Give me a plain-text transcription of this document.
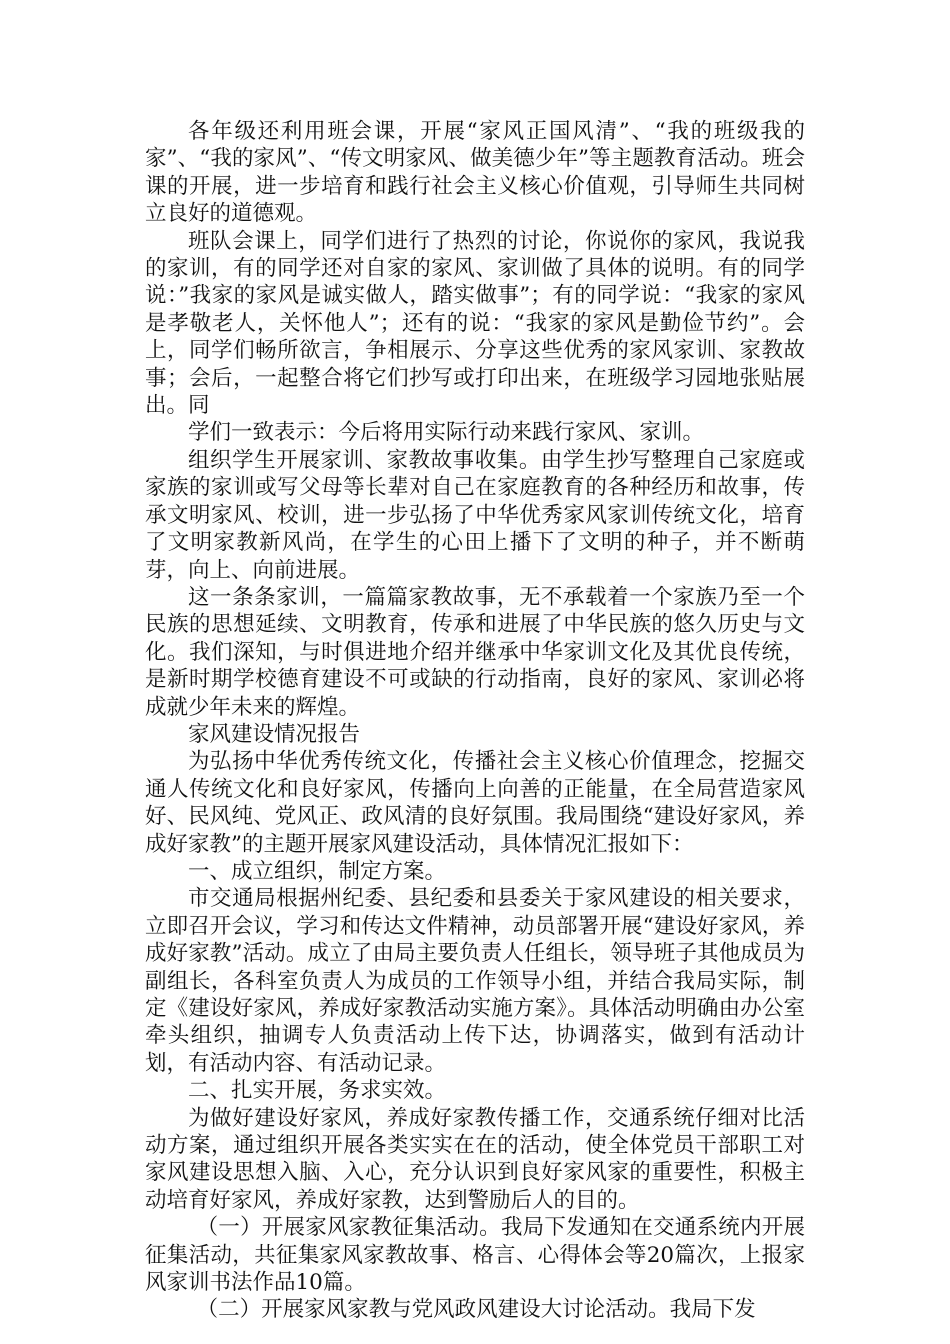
各年级还利用班会课，开展“家风正国风清”、“我的班级我的家”、“我的家风”、“传文明家风、做美德少年”等主题教育活动。班会课的开展，进一步培育和践行社会主义核心价值观，引导师生共同树立良好的道德观。

班队会课上，同学们进行了热烈的讨论，你说你的家风，我说我的家训，有的同学还对自家的家风、家训做了具体的说明。有的同学说：”我家的家风是诚实做人，踏实做事”；有的同学说：“我家的家风是孝敬老人，关怀他人”；还有的说：“我家的家风是勤俭节约”。会上，同学们畅所欲言，争相展示、分享这些优秀的家风家训、家教故事；会后，一起整合将它们抄写或打印出来，在班级学习园地张贴展出。同

学们一致表示：今后将用实际行动来践行家风、家训。

组织学生开展家训、家教故事收集。由学生抄写整理自己家庭或家族的家训或写父母等长辈对自己在家庭教育的各种经历和故事，传承文明家风、校训，进一步弘扬了中华优秀家风家训传统文化，培育了文明家教新风尚，在学生的心田上播下了文明的种子，并不断萌芽，向上、向前进展。

这一条条家训，一篇篇家教故事，无不承载着一个家族乃至一个民族的思想延续、文明教育，传承和进展了中华民族的悠久历史与文化。我们深知，与时俱进地介绍并继承中华家训文化及其优良传统，是新时期学校德育建设不可或缺的行动指南，良好的家风、家训必将成就少年未来的辉煌。

家风建设情况报告

为弘扬中华优秀传统文化，传播社会主义核心价值理念，挖掘交通人传统文化和良好家风，传播向上向善的正能量，在全局营造家风好、民风纯、党风正、政风清的良好氛围。我局围绕“建设好家风，养成好家教”的主题开展家风建设活动，具体情况汇报如下：

一、成立组织，制定方案。

市交通局根据州纪委、县纪委和县委关于家风建设的相关要求，立即召开会议，学习和传达文件精神，动员部署开展“建设好家风，养成好家教”活动。成立了由局主要负责人任组长，领导班子其他成员为副组长，各科室负责人为成员的工作领导小组，并结合我局实际，制定《建设好家风，养成好家教活动实施方案》。具体活动明确由办公室牵头组织，抽调专人负责活动上传下达，协调落实，做到有活动计划，有活动内容、有活动记录。

二、扎实开展，务求实效。

为做好建设好家风，养成好家教传播工作，交通系统仔细对比活动方案，通过组织开展各类实实在在的活动，使全体党员干部职工对家风建设思想入脑、入心，充分认识到良好家风家的重要性，积极主动培育好家风，养成好家教，达到警励后人的目的。

（一）开展家风家教征集活动。我局下发通知在交通系统内开展征集活动，共征集家风家教故事、格言、心得体会等20篇次，上报家风家训书法作品10篇。

（二）开展家风家教与党风政风建设大讨论活动。我局下发
